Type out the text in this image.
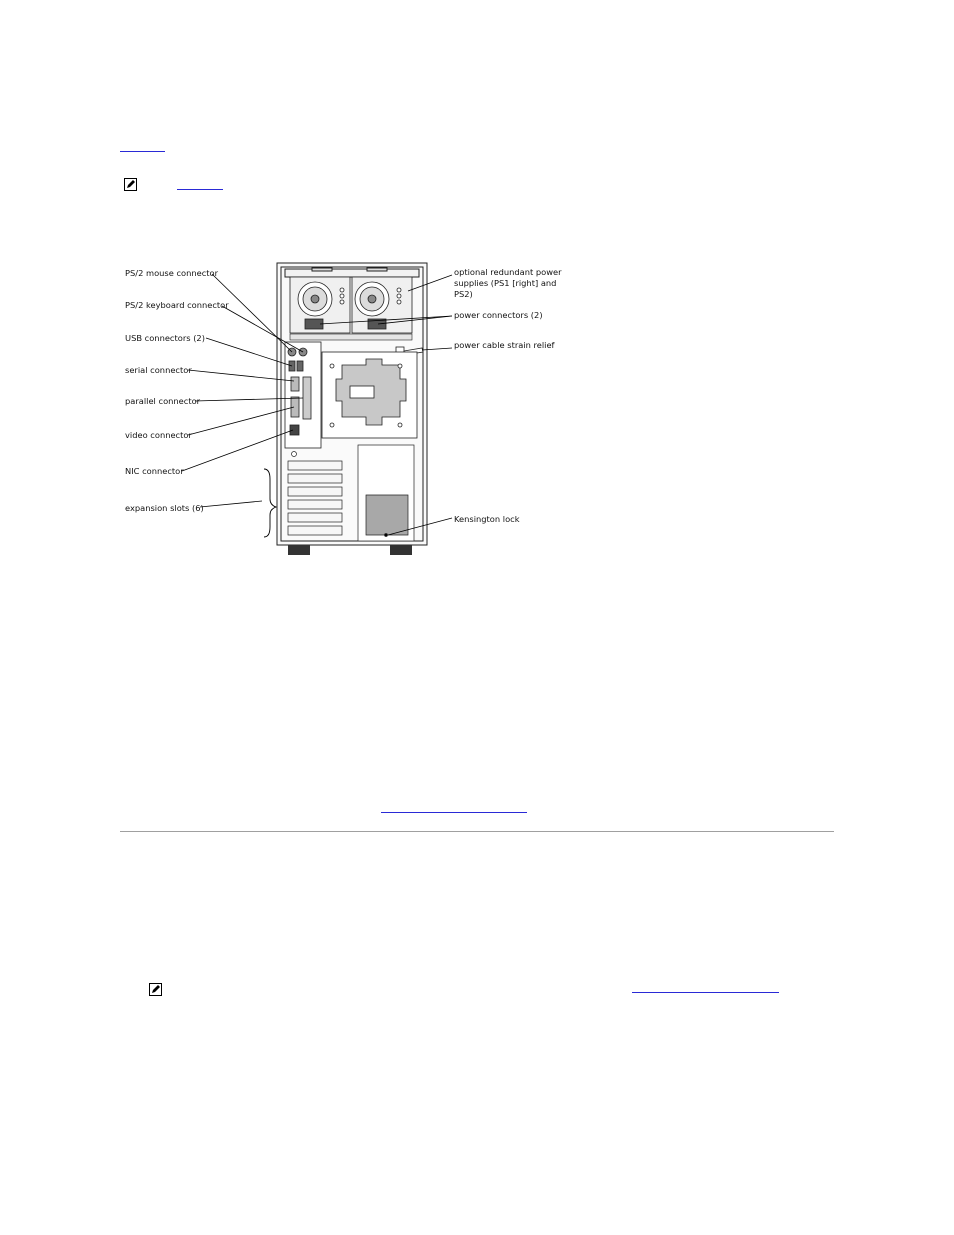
PS/2 mouse connector
PS/2 keyboard connector
USB connectors (2)
serial connector
parallel connector
video connector
NIC connector
expansion slots (6)
optional redundant power
supplies (PS1 [right] and
PS2)
power connectors (2)
power cable strain relief
Kensington lock
